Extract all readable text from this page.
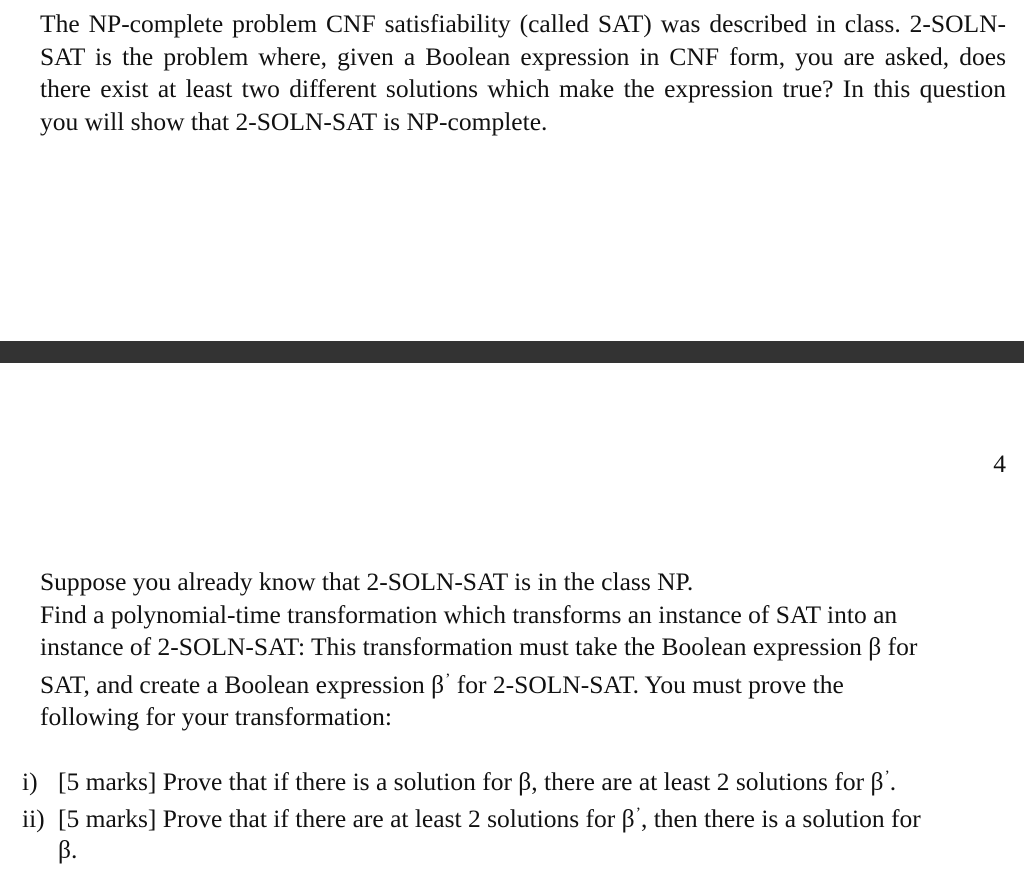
The NP-complete problem CNF satisfiability (called SAT) was described in class. 2-SOLN-SAT is the problem where, given a Boolean expression in CNF form, you are asked, does there exist at least two different solutions which make the expression true? In this question you will show that 2-SOLN-SAT is NP-complete.

4
Suppose you already know that 2-SOLN-SAT is in the class NP.
Find a polynomial-time transformation which transforms an instance of SAT into an
instance of 2-SOLN-SAT: This transformation must take the Boolean expression β for
SAT, and create a Boolean expression β’ for 2-SOLN-SAT. You must prove the
following for your transformation:
i) [5 marks] Prove that if there is a solution for β, there are at least 2 solutions for β’.
ii) [5 marks] Prove that if there are at least 2 solutions for β’, then there is a solution for
β.
